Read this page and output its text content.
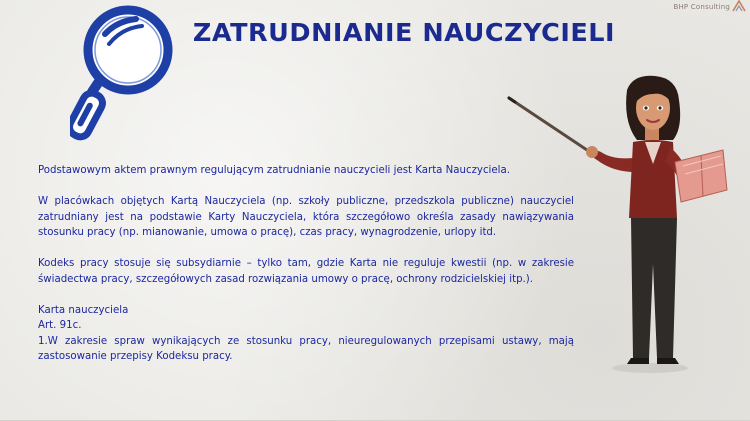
BHP Consulting
ZATRUDNIANIE NAUCZYCIELI

Podstawowym aktem prawnym regulującym zatrudnianie nauczycieli jest Karta Nauczyciela.

W placówkach objętych Kartą Nauczyciela (np. szkoły publiczne, przedszkola publiczne) nauczyciel zatrudniany jest na podstawie Karty Nauczyciela, która szczegółowo określa zasady nawiązywania stosunku pracy (np. mianowanie, umowa o pracę), czas pracy, wynagrodzenie, urlopy itd.

Kodeks pracy stosuje się subsydiarnie – tylko tam, gdzie Karta nie reguluje kwestii (np. w zakresie świadectwa pracy, szczegółowych zasad rozwiązania umowy o pracę, ochrony rodzicielskiej itp.).

Karta nauczyciela
Art. 91c.

1.W zakresie spraw wynikających ze stosunku pracy, nieuregulowanych przepisami ustawy, mają zastosowanie przepisy Kodeksu pracy.
